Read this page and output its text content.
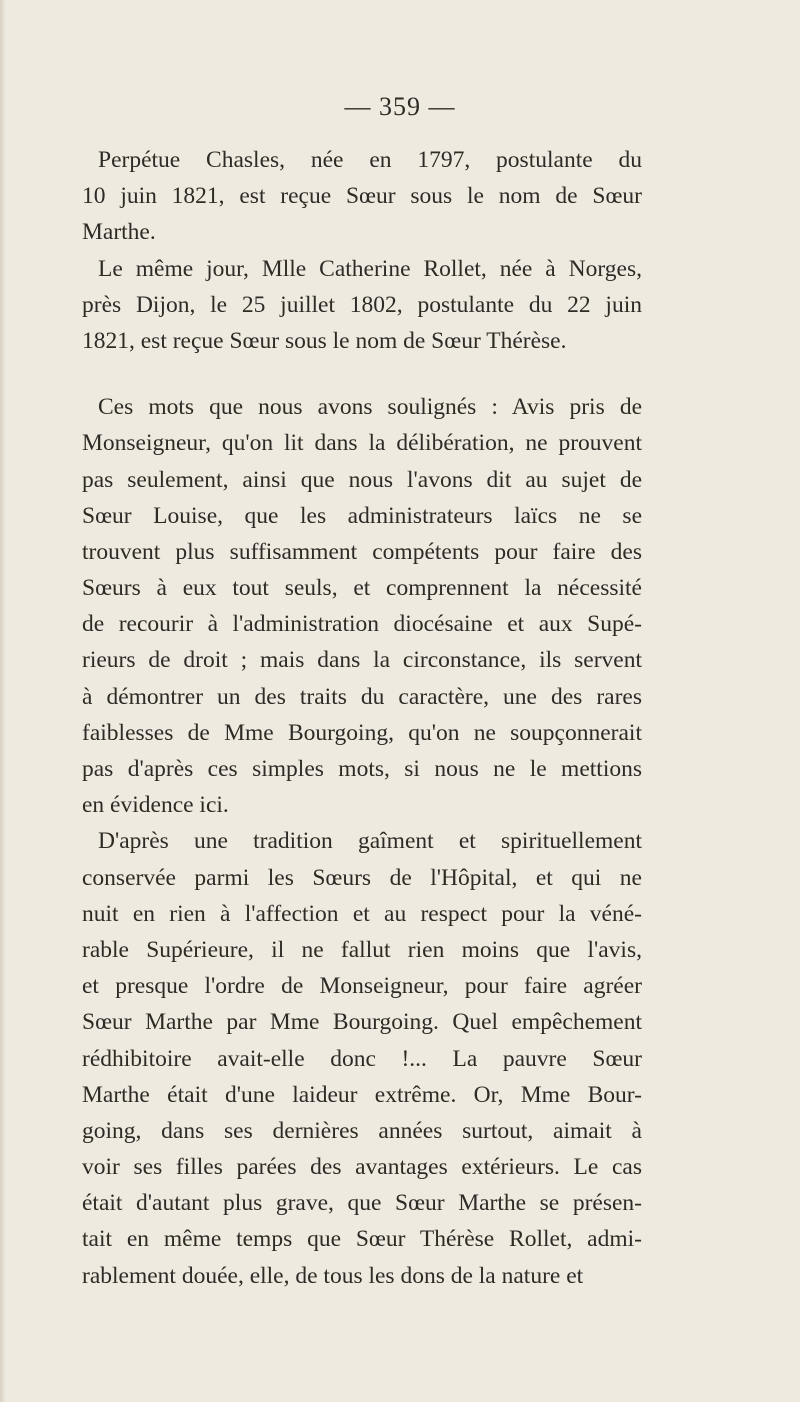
— 359 —
Perpétue Chasles, née en 1797, postulante du
10 juin 1821, est reçue Sœur sous le nom de Sœur
Marthe.
Le même jour, Mlle Catherine Rollet, née à Norges,
près Dijon, le 25 juillet 1802, postulante du 22 juin
1821, est reçue Sœur sous le nom de Sœur Thérèse.
Ces mots que nous avons soulignés : Avis pris de
Monseigneur, qu'on lit dans la délibération, ne prouvent
pas seulement, ainsi que nous l'avons dit au sujet de
Sœur Louise, que les administrateurs laïcs ne se
trouvent plus suffisamment compétents pour faire des
Sœurs à eux tout seuls, et comprennent la nécessité
de recourir à l'administration diocésaine et aux Supé-
rieurs de droit ; mais dans la circonstance, ils servent
à démontrer un des traits du caractère, une des rares
faiblesses de Mme Bourgoing, qu'on ne soupçonnerait
pas d'après ces simples mots, si nous ne le mettions
en évidence ici.
D'après une tradition gaîment et spirituellement
conservée parmi les Sœurs de l'Hôpital, et qui ne
nuit en rien à l'affection et au respect pour la véné-
rable Supérieure, il ne fallut rien moins que l'avis,
et presque l'ordre de Monseigneur, pour faire agréer
Sœur Marthe par Mme Bourgoing. Quel empêchement
rédhibitoire avait-elle donc !... La pauvre Sœur
Marthe était d'une laideur extrême. Or, Mme Bour-
going, dans ses dernières années surtout, aimait à
voir ses filles parées des avantages extérieurs. Le cas
était d'autant plus grave, que Sœur Marthe se présen-
tait en même temps que Sœur Thérèse Rollet, admi-
rablement douée, elle, de tous les dons de la nature et
